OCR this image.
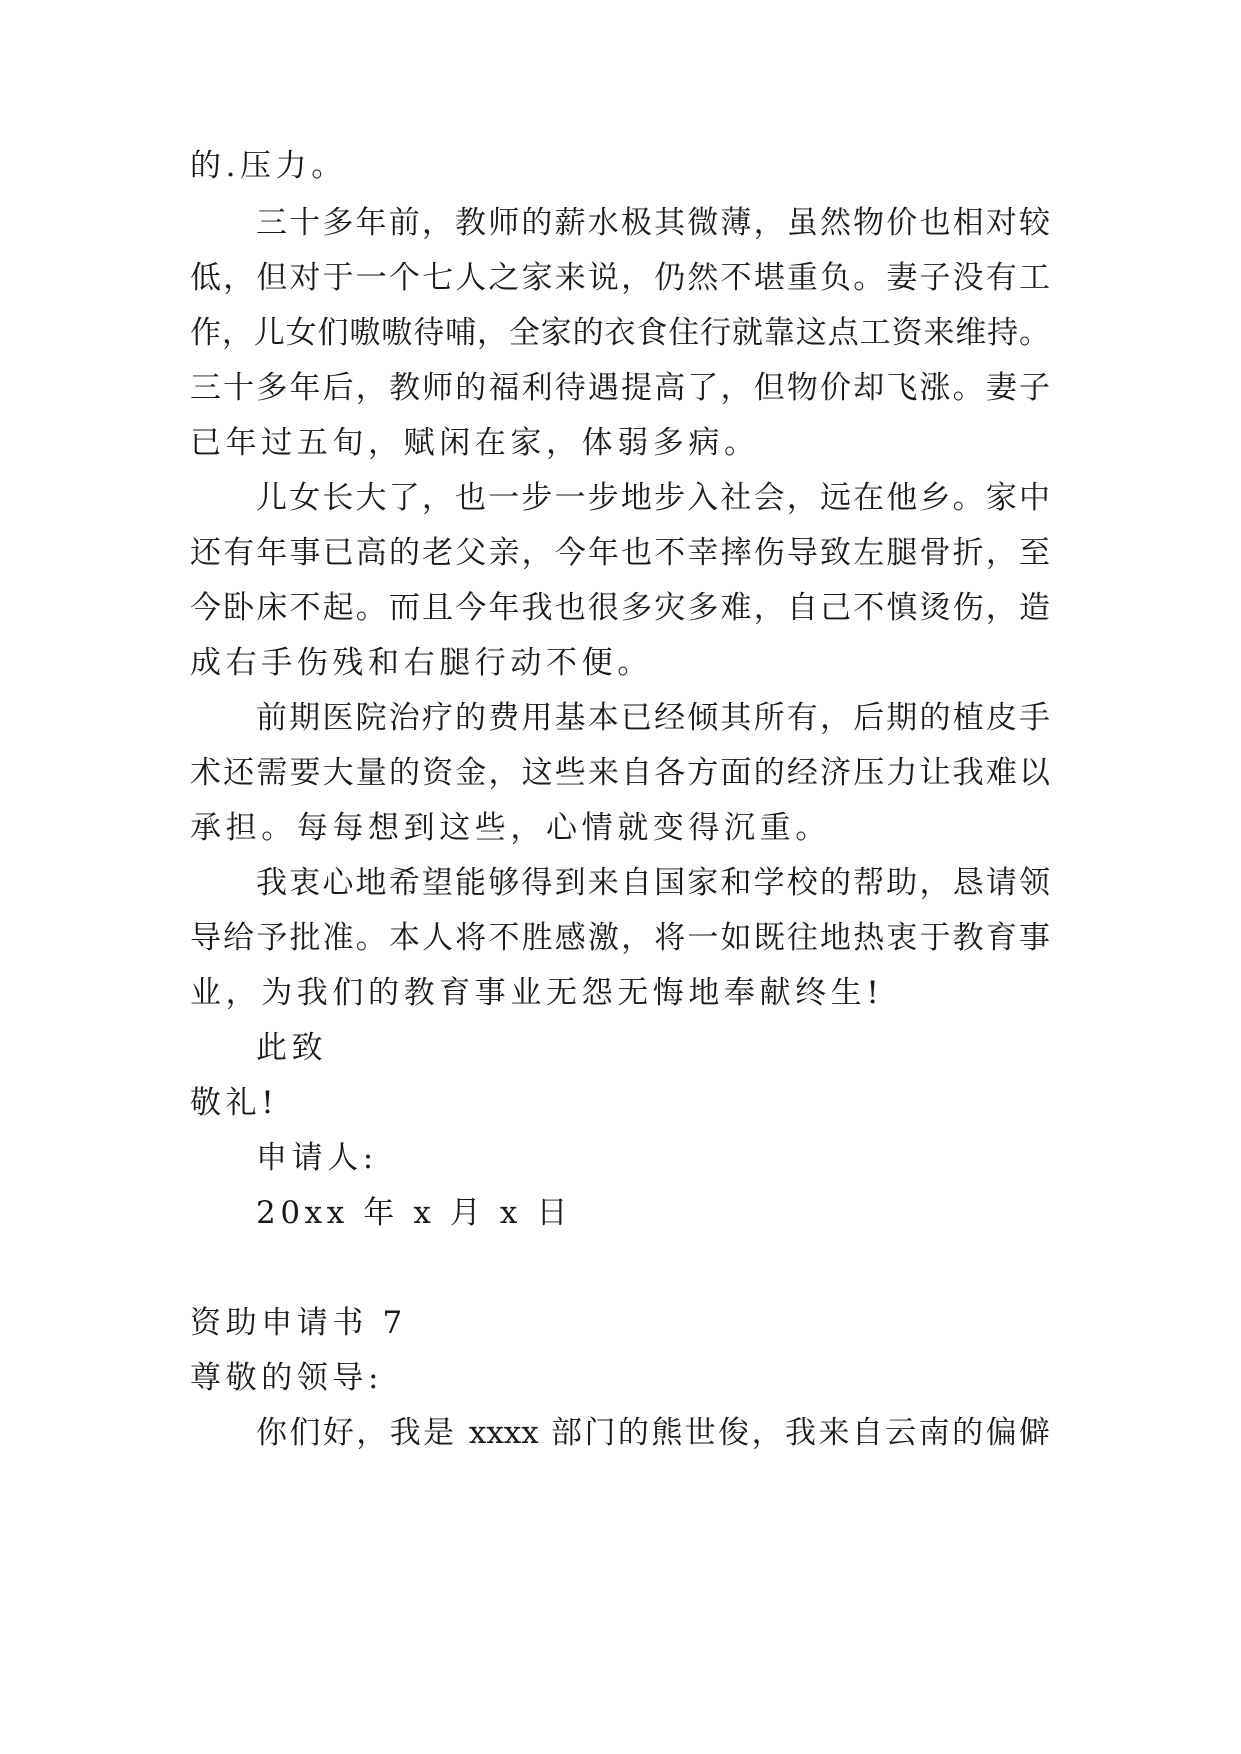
的.压力。
三十多年前，教师的薪水极其微薄，虽然物价也相对较
低，但对于一个七人之家来说，仍然不堪重负。妻子没有工
作，儿女们嗷嗷待哺，全家的衣食住行就靠这点工资来维持。
三十多年后，教师的福利待遇提高了，但物价却飞涨。妻子
已年过五旬，赋闲在家，体弱多病。
儿女长大了，也一步一步地步入社会，远在他乡。家中
还有年事已高的老父亲，今年也不幸摔伤导致左腿骨折，至
今卧床不起。而且今年我也很多灾多难，自己不慎烫伤，造
成右手伤残和右腿行动不便。
前期医院治疗的费用基本已经倾其所有，后期的植皮手
术还需要大量的资金，这些来自各方面的经济压力让我难以
承担。每每想到这些，心情就变得沉重。
我衷心地希望能够得到来自国家和学校的帮助，恳请领
导给予批准。本人将不胜感激，将一如既往地热衷于教育事
业，为我们的教育事业无怨无悔地奉献终生!
此致
敬礼!
申请人:
20xx 年 x 月 x 日
资助申请书 7
尊敬的领导:
你们好，我是 xxxx 部门的熊世俊，我来自云南的偏僻
